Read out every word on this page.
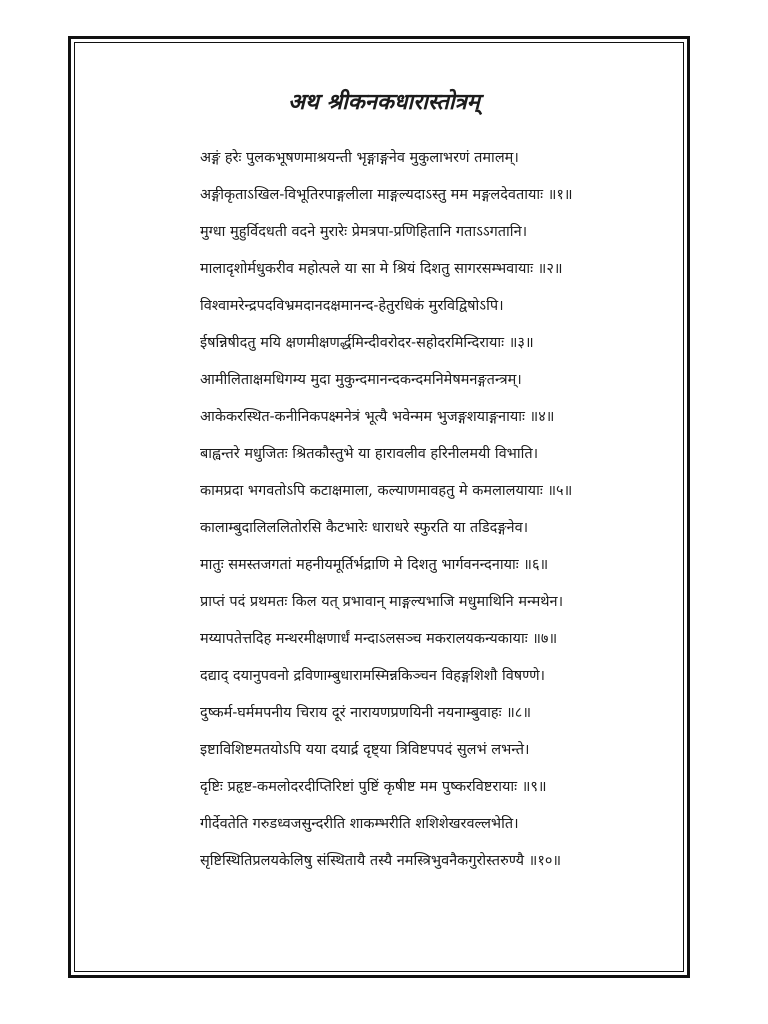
अथ श्रीकनकधारास्तोत्रम्
अङ्गं हरेः पुलकभूषणमाश्रयन्ती भृङ्गाङ्गनेव मुकुलाभरणं तमालम्।
अङ्गीकृताऽखिल-विभूतिरपाङ्गलीला माङ्गल्यदाऽस्तु मम मङ्गलदेवतायाः ॥१॥
मुग्धा मुहुर्विदधती वदने मुरारेः प्रेमत्रपा-प्रणिहितानि गताऽऽगतानि।
मालादृशोर्मधुकरीव महोत्पले या सा मे श्रियं दिशतु सागरसम्भवायाः ॥२॥
विश्वामरेन्द्रपदविभ्रमदानदक्षमानन्द-हेतुरधिकं मुरविद्विषोऽपि।
ईषन्निषीदतु मयि क्षणमीक्षणर्द्धमिन्दीवरोदर-सहोदरमिन्दिरायाः ॥३॥
आमीलिताक्षमधिगम्य मुदा मुकुन्दमानन्दकन्दमनिमेषमनङ्गतन्त्रम्।
आकेकरस्थित-कनीनिकपक्ष्मनेत्रं भूत्यै भवेन्मम भुजङ्गशयाङ्गनायाः ॥४॥
बाह्वन्तरे मधुजितः श्रितकौस्तुभे या हारावलीव हरिनीलमयी विभाति।
कामप्रदा भगवतोऽपि कटाक्षमाला, कल्याणमावहतु मे कमलालयायाः ॥५॥
कालाम्बुदालिललितोरसि कैटभारेः धाराधरे स्फुरति या तडिदङ्गनेव।
मातुः समस्तजगतां महनीयमूर्तिर्भद्राणि मे दिशतु भार्गवनन्दनायाः ॥६॥
प्राप्तं पदं प्रथमतः किल यत् प्रभावान् माङ्गल्यभाजि मधुमाथिनि मन्मथेन।
मय्यापतेत्तदिह मन्थरमीक्षणार्धं मन्दाऽलसञ्च मकरालयकन्यकायाः ॥७॥
दद्याद् दयानुपवनो द्रविणाम्बुधारामस्मिन्नकिञ्चन विहङ्गशिशौ विषण्णे।
दुष्कर्म-घर्ममपनीय चिराय दूरं नारायणप्रणयिनी नयनाम्बुवाहः ॥८॥
इष्टाविशिष्टमतयोऽपि यया दयार्द्र दृष्ट्या त्रिविष्टपपदं सुलभं लभन्ते।
दृष्टिः प्रहृष्ट-कमलोदरदीप्तिरिष्टां पुष्टिं कृषीष्ट मम पुष्करविष्टरायाः ॥९॥
गीर्देवतेति गरुडध्वजसुन्दरीति शाकम्भरीति शशिशेखरवल्लभेति।
सृष्टिस्थितिप्रलयकेलिषु संस्थितायै तस्यै नमस्त्रिभुवनैकगुरोस्तरुण्यै ॥१०॥
